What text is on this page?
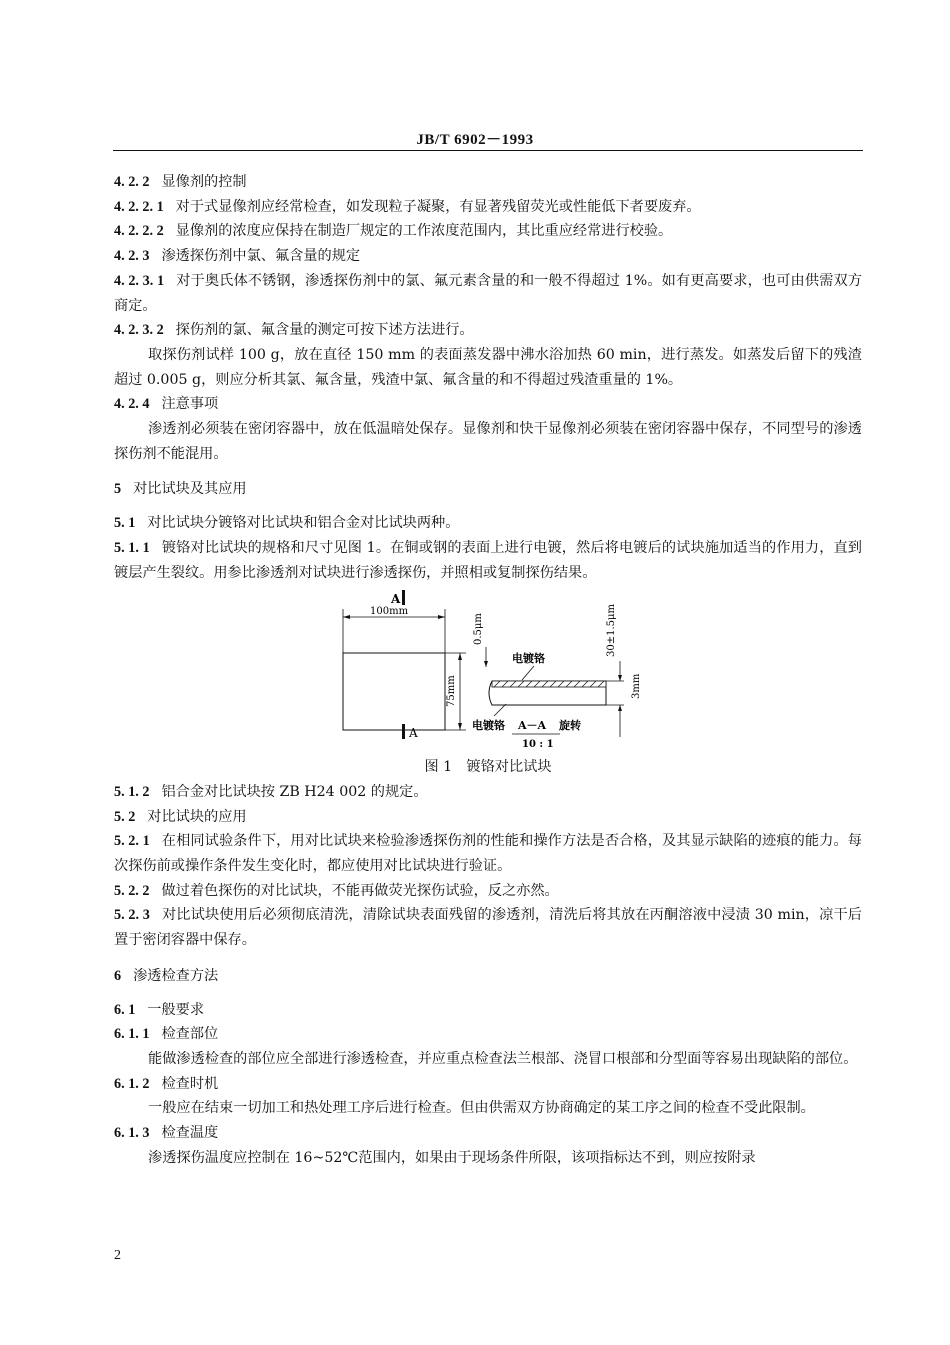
JB/T 6902－1993

4. 2. 2 显像剂的控制

4. 2. 2. 1 对于式显像剂应经常检查，如发现粒子凝聚，有显著残留荧光或性能低下者要废弃。

4. 2. 2. 2 显像剂的浓度应保持在制造厂规定的工作浓度范围内，其比重应经常进行校验。

4. 2. 3 渗透探伤剂中氯、氟含量的规定

4. 2. 3. 1 对于奥氏体不锈钢，渗透探伤剂中的氯、氟元素含量的和一般不得超过 1%。如有更高要求，也可由供需双方商定。

4. 2. 3. 2 探伤剂的氯、氟含量的测定可按下述方法进行。

取探伤剂试样 100 g，放在直径 150 mm 的表面蒸发器中沸水浴加热 60 min，进行蒸发。如蒸发后留下的残渣超过 0.005 g，则应分析其氯、氟含量，残渣中氯、氟含量的和不得超过残渣重量的 1%。

4. 2. 4 注意事项

渗透剂必须装在密闭容器中，放在低温暗处保存。显像剂和快干显像剂必须装在密闭容器中保存，不同型号的渗透探伤剂不能混用。

5 对比试块及其应用

5. 1 对比试块分镀铬对比试块和铝合金对比试块两种。

5. 1. 1 镀铬对比试块的规格和尺寸见图 1。在铜或钢的表面上进行电镀，然后将电镀后的试块施加适当的作用力，直到镀层产生裂纹。用参比渗透剂对试块进行渗透探伤，并照相或复制探伤结果。

A
100mm
75mm
A
0.5μm
电镀铬
30±1.5μm
3mm
电镀铬 A－A 旋转
10 : 1

图 1　镀铬对比试块

5. 1. 2 铝合金对比试块按 ZB H24 002 的规定。

5. 2 对比试块的应用

5. 2. 1 在相同试验条件下，用对比试块来检验渗透探伤剂的性能和操作方法是否合格，及其显示缺陷的迹痕的能力。每次探伤前或操作条件发生变化时，都应使用对比试块进行验证。

5. 2. 2 做过着色探伤的对比试块，不能再做荧光探伤试验，反之亦然。

5. 2. 3 对比试块使用后必须彻底清洗，清除试块表面残留的渗透剂，清洗后将其放在丙酮溶液中浸渍 30 min，凉干后置于密闭容器中保存。

6 渗透检查方法

6. 1 一般要求

6. 1. 1 检查部位

能做渗透检查的部位应全部进行渗透检查，并应重点检查法兰根部、浇冒口根部和分型面等容易出现缺陷的部位。

6. 1. 2 检查时机

一般应在结束一切加工和热处理工序后进行检查。但由供需双方协商确定的某工序之间的检查不受此限制。

6. 1. 3 检查温度

渗透探伤温度应控制在 16~52℃范围内，如果由于现场条件所限，该项指标达不到，则应按附录

2
